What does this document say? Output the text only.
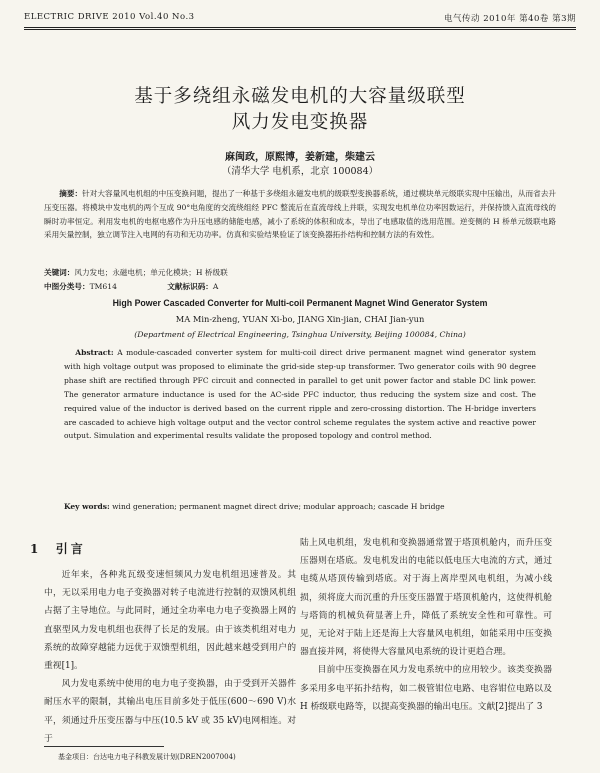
ELECTRIC DRIVE 2010 Vol.40 No.3	电气传动 2010年 第40卷 第3期
基于多绕组永磁发电机的大容量级联型
风力发电变换器
麻闽政，原熙博，姜新建，柴建云
（清华大学 电机系，北京 100084）
摘要：针对大容量风电机组的中压变换问题，提出了一种基于多绕组永磁发电机的级联型变换器系统，通过模块单元级联实现中压输出，从而省去升压变压器。将模块中发电机的两个互成 90°电角度的交流绕组经 PFC 整流后在直流母线上并联，实现发电机单位功率因数运行，并保持馈入直流母线的瞬时功率恒定。利用发电机的电枢电感作为升压电感的储能电感，减小了系统的体积和成本，导出了电感取值的选用范围。逆变侧的 H 桥单元级联电路采用矢量控制，独立调节注入电网的有功和无功功率。仿真和实验结果验证了该变换器拓扑结构和控制方法的有效性。
关键词：风力发电；永磁电机；单元化模块；H 桥级联
中图分类号：TM614	文献标识码：A
High Power Cascaded Converter for Multi-coil Permanent Magnet Wind Generator System
MA Min-zheng, YUAN Xi-bo, JIANG Xin-jian, CHAI Jian-yun
(Department of Electrical Engineering, Tsinghua University, Beijing 100084, China)
Abstract: A module-cascaded converter system for multi-coil direct drive permanent magnet wind generator system with high voltage output was proposed to eliminate the grid-side step-up transformer. Two generator coils with 90 degree phase shift are rectified through PFC circuit and connected in parallel to get unit power factor and stable DC link power. The generator armature inductance is used for the AC-side PFC inductor, thus reducing the system size and cost. The required value of the inductor is derived based on the current ripple and zero-crossing distortion. The H-bridge inverters are cascaded to achieve high voltage output and the vector control scheme regulates the system active and reactive power output. Simulation and experimental results validate the proposed topology and control method.
Key words: wind generation; permanent magnet direct drive; modular approach; cascade H bridge
1 引言

近年来，各种兆瓦级变速恒频风力发电机组迅速普及。其中，无以采用电力电子变换器对转子电流进行控制的双馈风机组占据了主导地位。与此同时，通过全功率电力电子变换器上网的直驱型风力发电机组也获得了长足的发展。由于该类机组对电力系统的故障穿越能力远优于双馈型机组，因此越来越受到用户的重视[1]。

风力发电系统中使用的电力电子变换器，由于受到开关器件耐压水平的限制，其输出电压目前多处于低压(600～690 V)水平，须通过升压变压器与中压(10.5 kV 或 35 kV)电网相连。对于

陆上风电机组，发电机和变换器通常置于塔顶机舱内，而升压变压器则在塔底。发电机发出的电能以低电压大电流的方式，通过电缆从塔顶传输到塔底。对于海上离岸型风电机组，为减小线损，须将庞大而沉重的升压变压器置于塔顶机舱内，这使得机舱与塔筒的机械负荷显著上升，降低了系统安全性和可靠性。可见，无论对于陆上还是海上大容量风电机组，如能采用中压变换器直接并网，将使得大容量风电系统的设计更趋合理。

目前中压变换器在风力发电系统中的应用较少。该类变换器多采用多电平拓扑结构，如二极管钳位电路、电容钳位电路以及 H 桥级联电路等，以提高变换器的输出电压。文献[2]提出了 3

基金项目：台达电力电子科教发展计划(DREN2007004)
